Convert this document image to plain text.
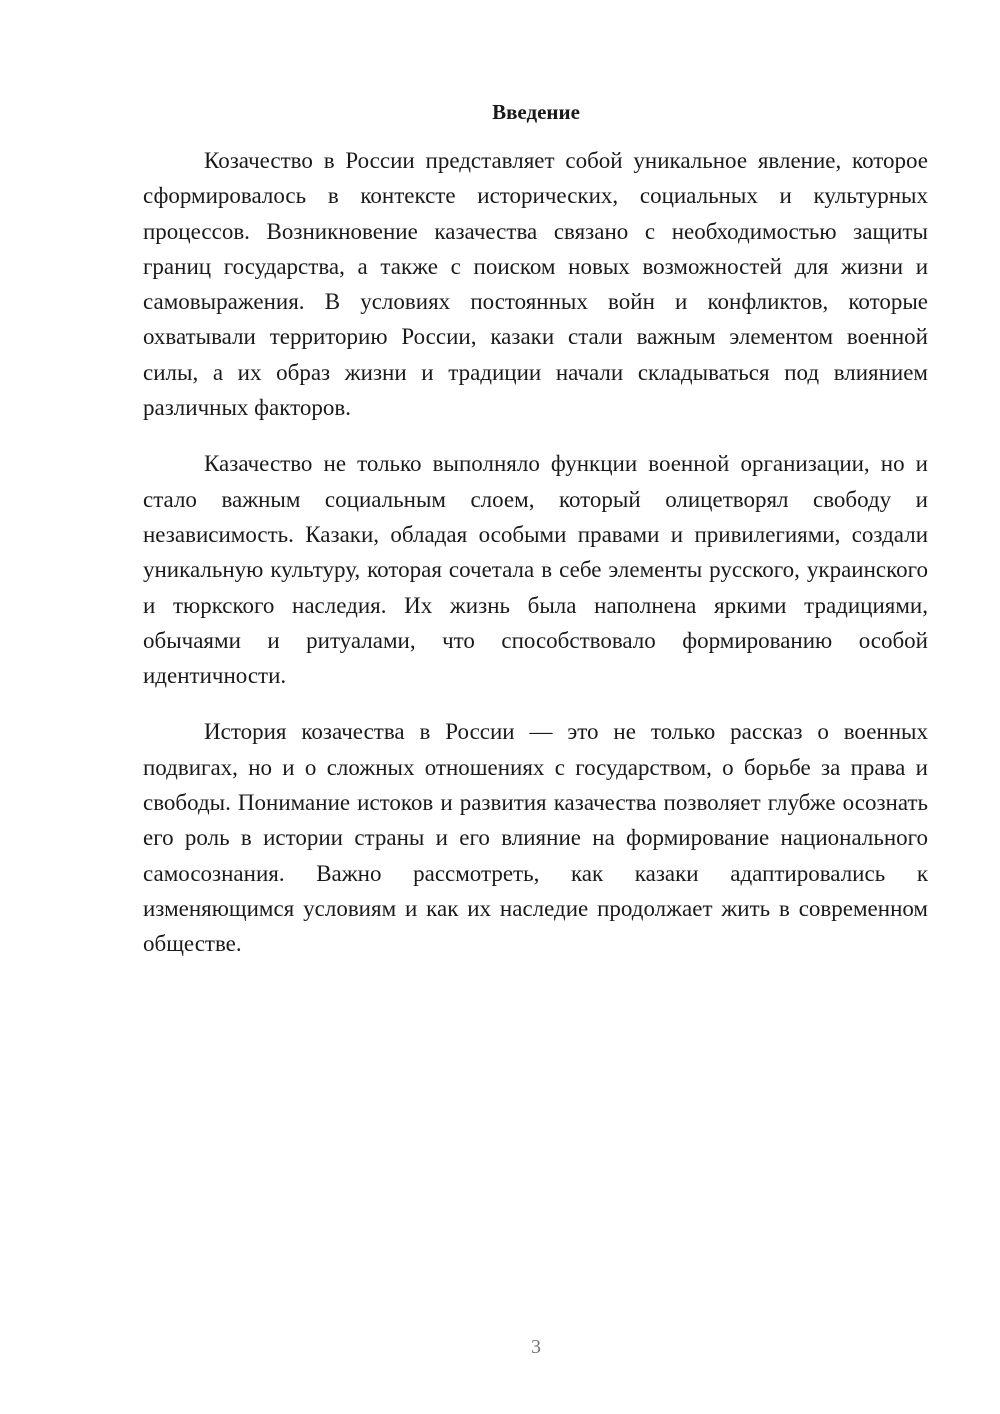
Введение

Козачество в России представляет собой уникальное явление, которое сформировалось в контексте исторических, социальных и культурных процессов. Возникновение казачества связано с необходимостью защиты границ государства, а также с поиском новых возможностей для жизни и самовыражения. В условиях постоянных войн и конфликтов, которые охватывали территорию России, казаки стали важным элементом военной силы, а их образ жизни и традиции начали складываться под влиянием различных факторов.

Казачество не только выполняло функции военной организации, но и стало важным социальным слоем, который олицетворял свободу и независимость. Казаки, обладая особыми правами и привилегиями, создали уникальную культуру, которая сочетала в себе элементы русского, украинского и тюркского наследия. Их жизнь была наполнена яркими традициями, обычаями и ритуалами, что способствовало формированию особой идентичности.

История козачества в России — это не только рассказ о военных подвигах, но и о сложных отношениях с государством, о борьбе за права и свободы. Понимание истоков и развития казачества позволяет глубже осознать его роль в истории страны и его влияние на формирование национального самосознания. Важно рассмотреть, как казаки адаптировались к изменяющимся условиям и как их наследие продолжает жить в современном обществе.

3
